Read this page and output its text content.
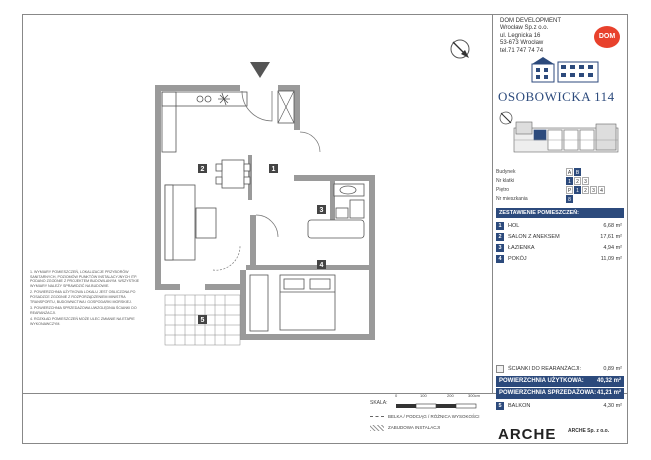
DOM DEVELOPMENT
Wrocław Sp.z o.o.
ul. Legnicka 16
53-673 Wrocław
tel.71 747 74 74
DOM
OSOBOWICKA 114
Budynek	A B
Nr klatki	1	2	3
Piętro	P 1	2	3	4
Nr mieszkania	8
ZESTAWIENIE POMIESZCZEŃ:
1	HOL	6,68 m²
2	SALON Z ANEKSEM	17,61 m²
3	ŁAZIENKA	4,94 m²
4	POKÓJ	11,09 m²
ŚCIANKI DO REARANŻACJI:	0,89 m²
POWIERZCHNIA UŻYTKOWA: 40,32 m²
POWIERZCHNIA SPRZEDAŻOWA: 41,21 m²
5	BALKON	4,30 m²
1
2
3
4
5
1. WYMIARY POMIESZCZEŃ, LOKALIZACJE PRZYBORÓW SANITARNYCH, POZIOMÓW PUNKTÓW INSTALACYJNYCH ITP. PODANO ZGODNIE Z PROJEKTEM BUDOWLANYM. WSZYSTKIE WYMIARY NALEŻY SPRAWDZIĆ NA BUDOWIE.
2. POWIERZCHNIA UŻYTKOWA LOKALU JEST OBLICZONA PO POSADZCE ZGODNIE Z ROZPORZĄDZENIEM MINISTRA TRANSPORTU, BUDOWNICTWA I GOSPODARKI MORSKIEJ.
3. POWIERZCHNIA SPRZEDAŻOWA UWZGLĘDNIA ŚCIANKI DO REARANŻACJI.
4. ROZKŁAD POMIESZCZEŃ MOŻE ULEC ZMIANIE NA ETAPIE WYKONAWCZYM.
SKALA:
0	100	200	300cm
BELKA / PODCIĄG / RÓŻNICA WYSOKOŚCI
ZABUDOWA INSTALACJI	ARCHE ARCHE Sp. z o.o.
